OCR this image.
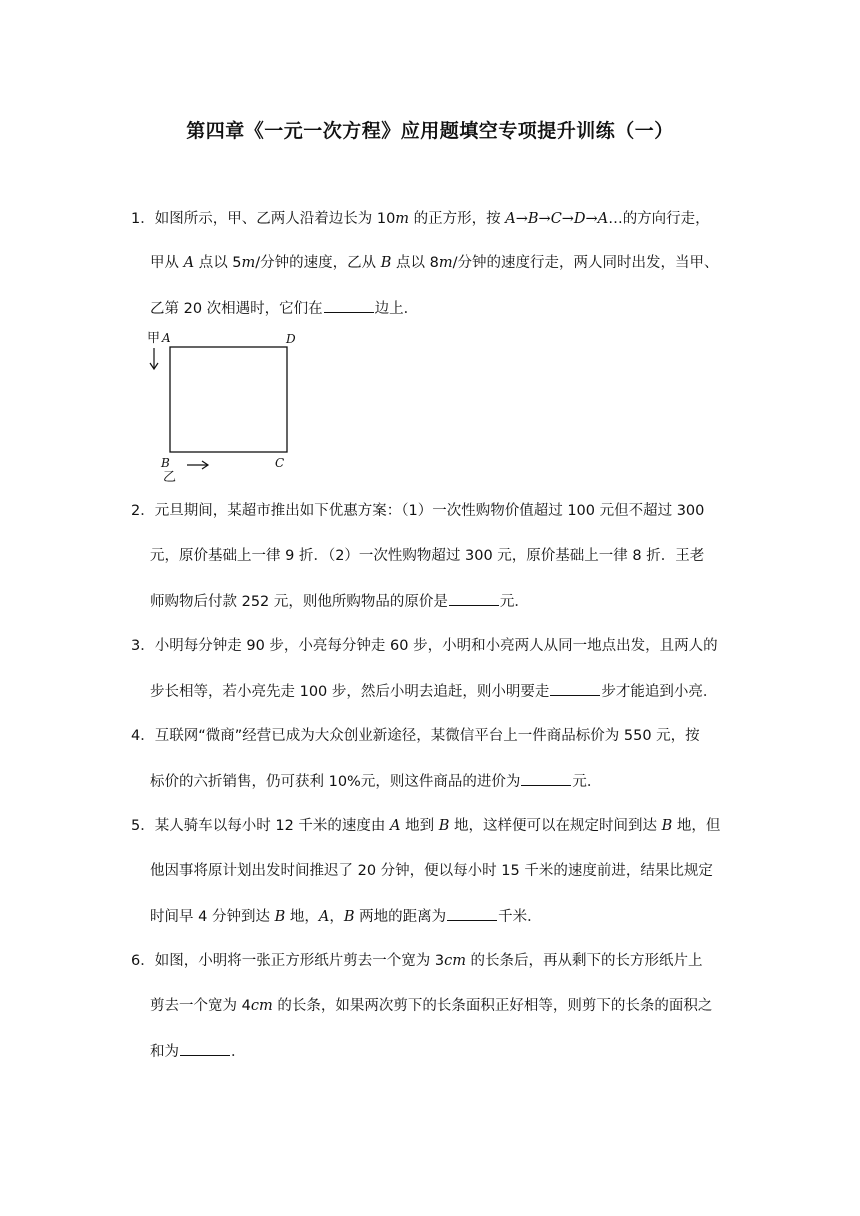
第四章《一元一次方程》应用题填空专项提升训练（一）
1．如图所示，甲、乙两人沿着边长为 10m 的正方形，按 A→B→C→D→A…的方向行走，
甲从 A 点以 5m/分钟的速度，乙从 B 点以 8m/分钟的速度行走，两人同时出发，当甲、
乙第 20 次相遇时，它们在	边上．
甲 A	D
B	C
乙
2．元旦期间，某超市推出如下优惠方案：（1）一次性购物价值超过 100 元但不超过 300
元，原价基础上一律 9 折．（2）一次性购物超过 300 元，原价基础上一律 8 折．王老
师购物后付款 252 元，则他所购物品的原价是	元．
3．小明每分钟走 90 步，小亮每分钟走 60 步，小明和小亮两人从同一地点出发，且两人的
步长相等，若小亮先走 100 步，然后小明去追赶，则小明要走	步才能追到小亮．
4．互联网“微商”经营已成为大众创业新途径，某微信平台上一件商品标价为 550 元，按
标价的六折销售，仍可获利 10%元，则这件商品的进价为	元．
5．某人骑车以每小时 12 千米的速度由 A 地到 B 地，这样便可以在规定时间到达 B 地，但
他因事将原计划出发时间推迟了 20 分钟，便以每小时 15 千米的速度前进，结果比规定
时间早 4 分钟到达 B 地，A，B 两地的距离为	千米．
6．如图，小明将一张正方形纸片剪去一个宽为 3cm 的长条后，再从剩下的长方形纸片上
剪去一个宽为 4cm 的长条，如果两次剪下的长条面积正好相等，则剪下的长条的面积之
和为	．
